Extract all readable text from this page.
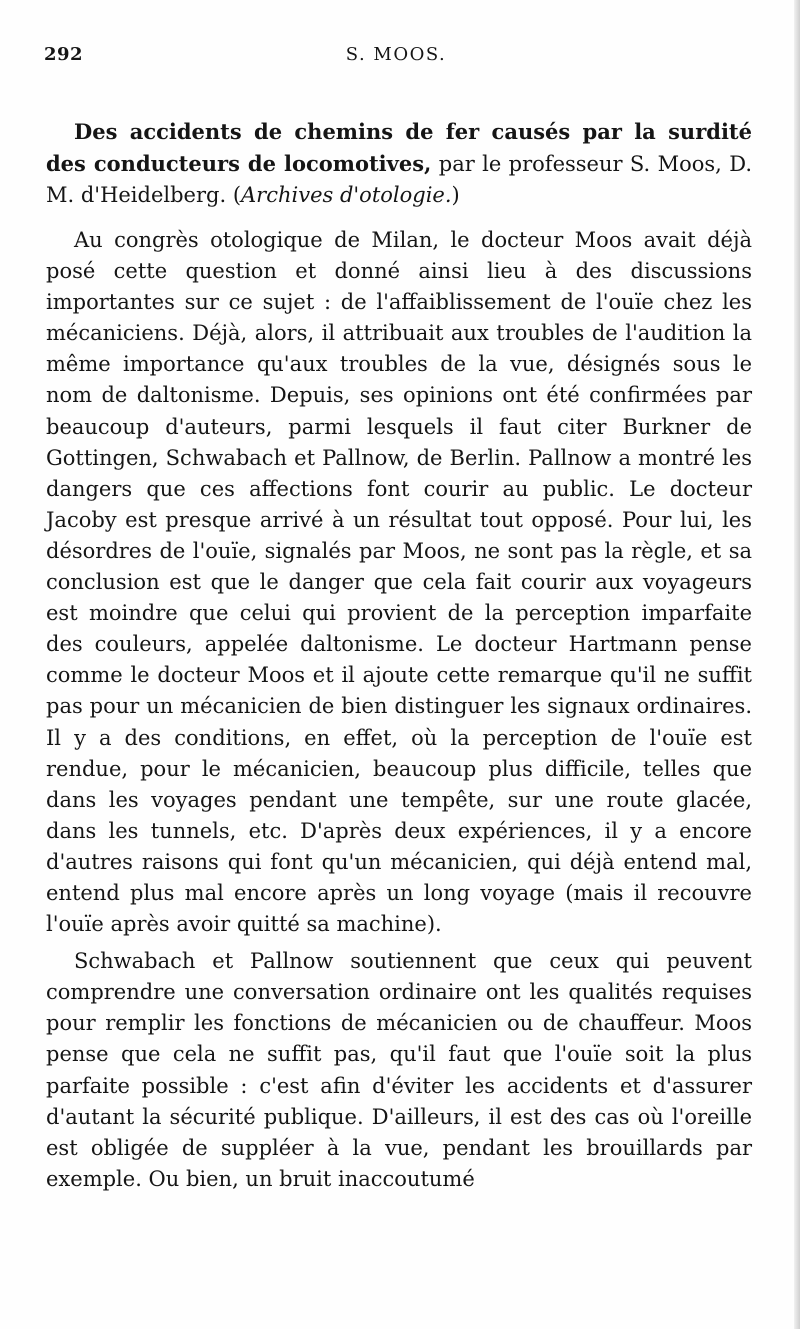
292	S. MOOS.

Des accidents de chemins de fer causés par la surdité des conducteurs de locomotives, par le professeur S. Moos, D. M. d'Heidelberg. (Archives d'otologie.)

Au congrès otologique de Milan, le docteur Moos avait déjà posé cette question et donné ainsi lieu à des discussions importantes sur ce sujet : de l'affaiblissement de l'ouïe chez les mécaniciens. Déjà, alors, il attribuait aux troubles de l'audition la même importance qu'aux troubles de la vue, désignés sous le nom de daltonisme. Depuis, ses opinions ont été confirmées par beaucoup d'auteurs, parmi lesquels il faut citer Burkner de Gottingen, Schwabach et Pallnow, de Berlin. Pallnow a montré les dangers que ces affections font courir au public. Le docteur Jacoby est presque arrivé à un résultat tout opposé. Pour lui, les désordres de l'ouïe, signalés par Moos, ne sont pas la règle, et sa conclusion est que le danger que cela fait courir aux voyageurs est moindre que celui qui provient de la perception imparfaite des couleurs, appelée daltonisme. Le docteur Hartmann pense comme le docteur Moos et il ajoute cette remarque qu'il ne suffit pas pour un mécanicien de bien distinguer les signaux ordinaires. Il y a des conditions, en effet, où la perception de l'ouïe est rendue, pour le mécanicien, beaucoup plus difficile, telles que dans les voyages pendant une tempête, sur une route glacée, dans les tunnels, etc. D'après deux expériences, il y a encore d'autres raisons qui font qu'un mécanicien, qui déjà entend mal, entend plus mal encore après un long voyage (mais il recouvre l'ouïe après avoir quitté sa machine).

Schwabach et Pallnow soutiennent que ceux qui peuvent comprendre une conversation ordinaire ont les qualités requises pour remplir les fonctions de mécanicien ou de chauffeur. Moos pense que cela ne suffit pas, qu'il faut que l'ouïe soit la plus parfaite possible : c'est afin d'éviter les accidents et d'assurer d'autant la sécurité publique. D'ailleurs, il est des cas où l'oreille est obligée de suppléer à la vue, pendant les brouillards par exemple. Ou bien, un bruit inaccoutumé
